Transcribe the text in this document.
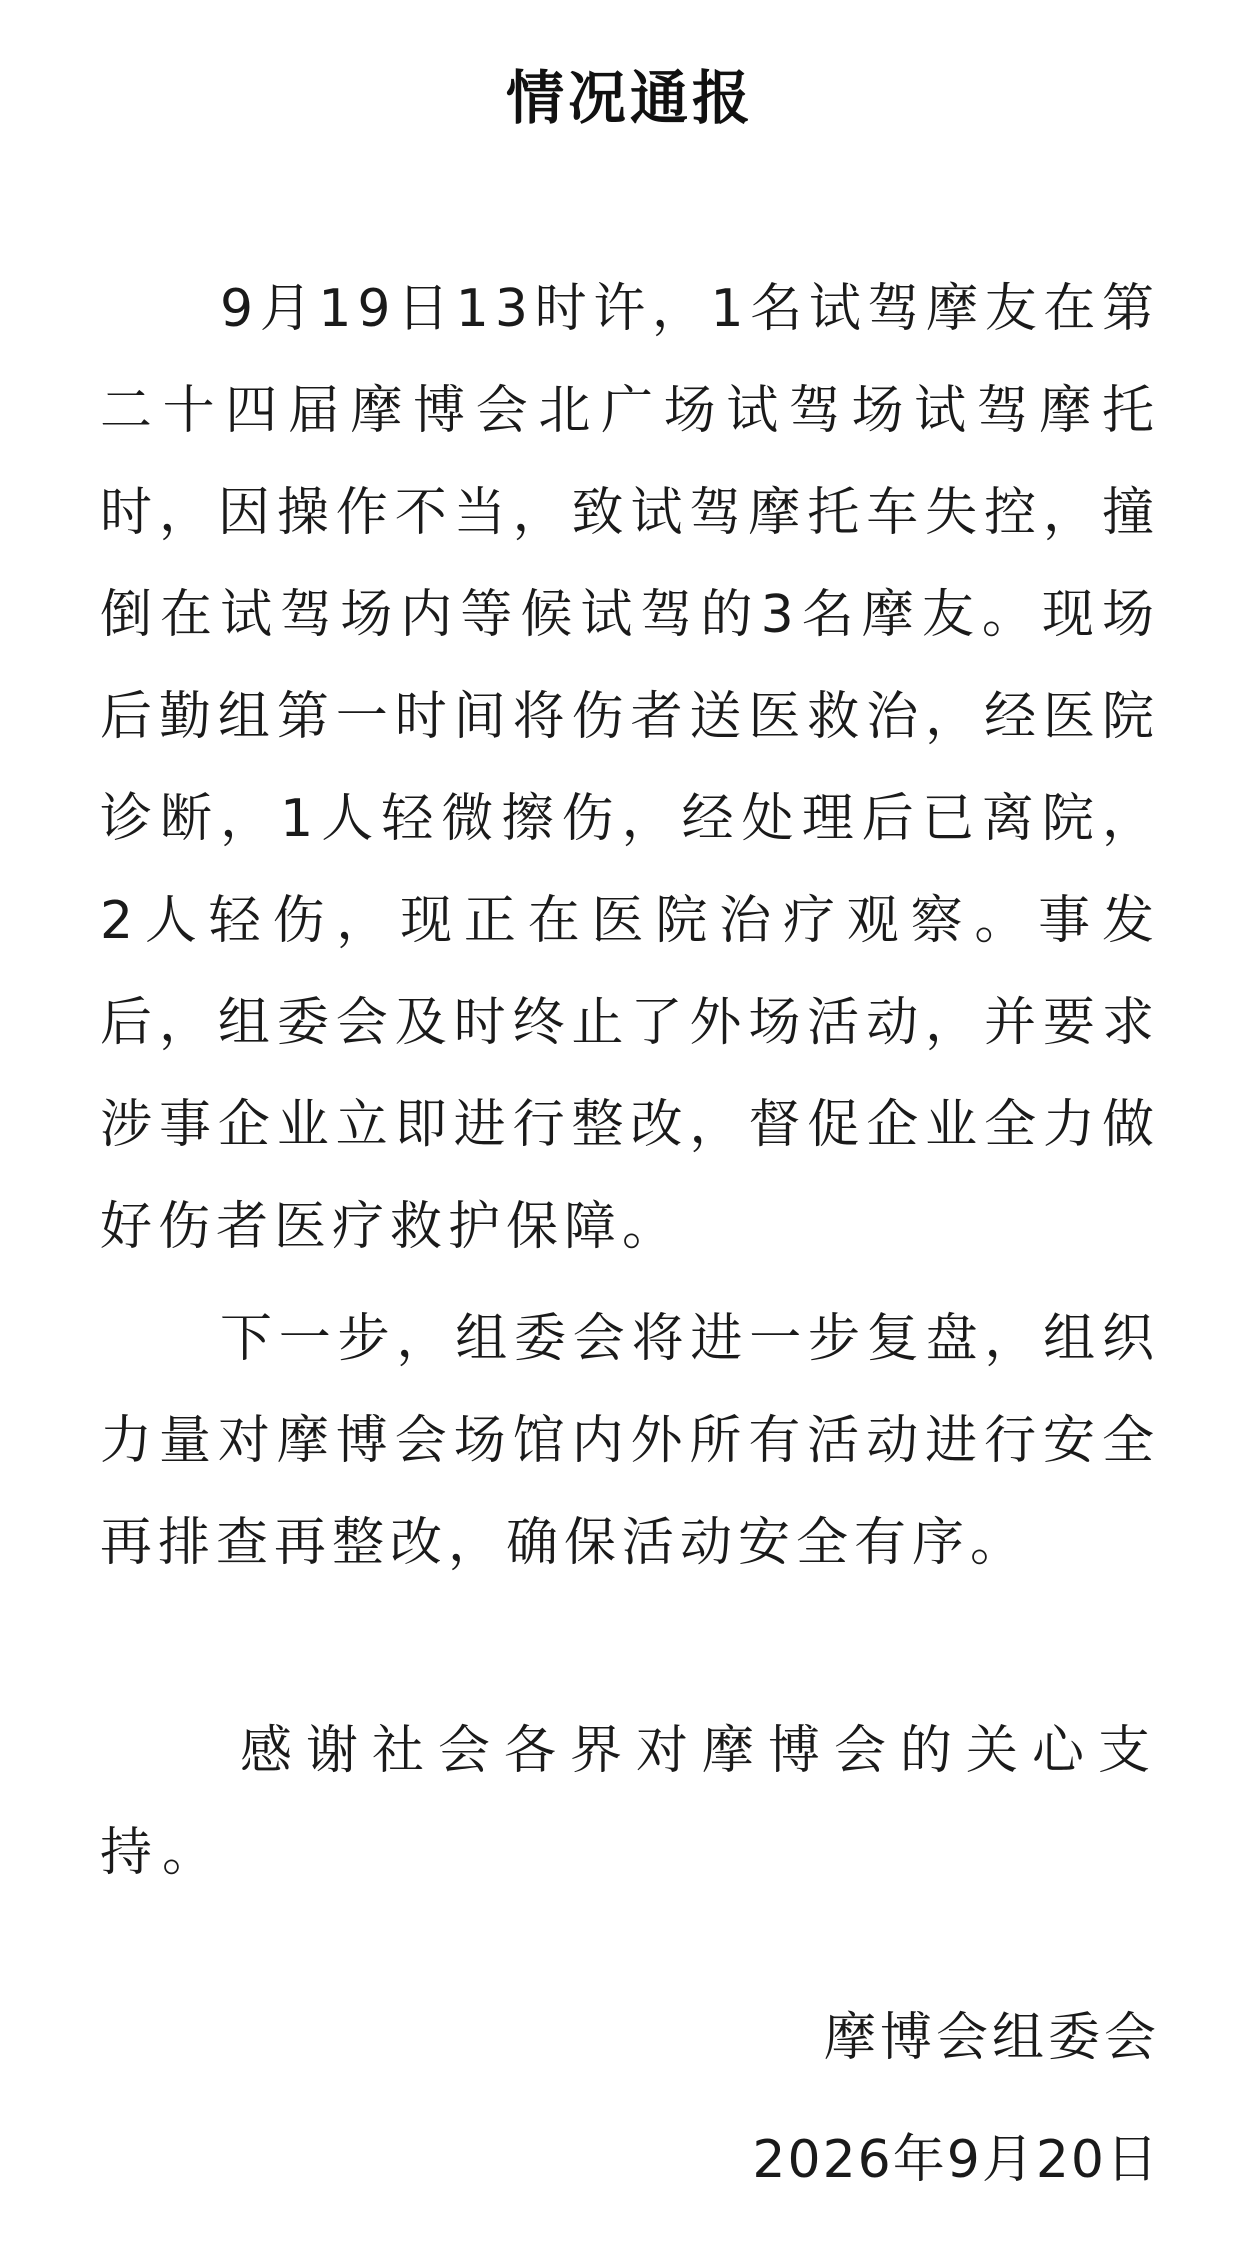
情况通报

9月19日13时许，1名试驾摩友在第二十四届摩博会北广场试驾场试驾摩托时，因操作不当，致试驾摩托车失控，撞倒在试驾场内等候试驾的3名摩友。现场后勤组第一时间将伤者送医救治，经医院诊断，1人轻微擦伤，经处理后已离院，2人轻伤，现正在医院治疗观察。事发后，组委会及时终止了外场活动，并要求涉事企业立即进行整改，督促企业全力做好伤者医疗救护保障。

下一步，组委会将进一步复盘，组织力量对摩博会场馆内外所有活动进行安全再排查再整改，确保活动安全有序。

感谢社会各界对摩博会的关心支持。

摩博会组委会
2026年9月20日
